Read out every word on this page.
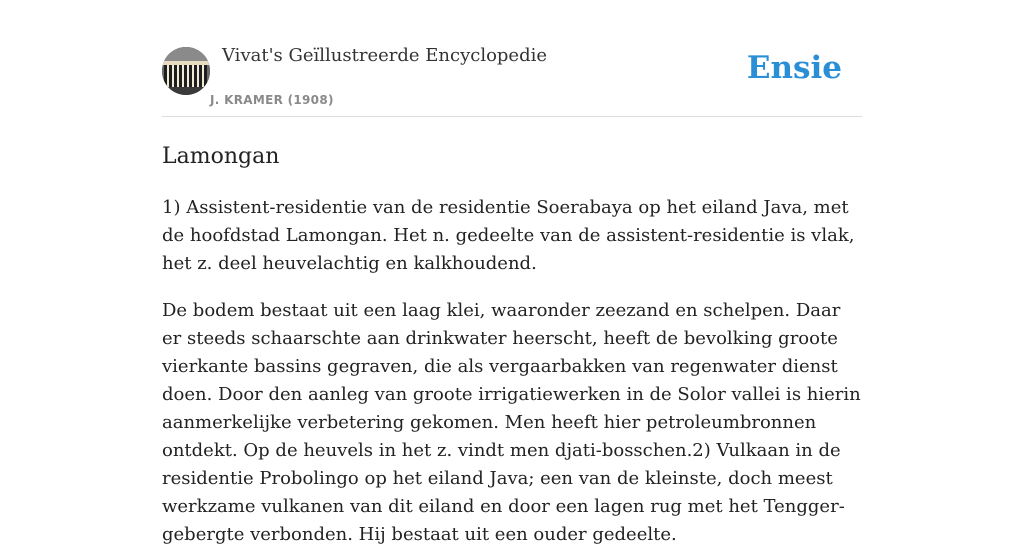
Vivat's Geïllustreerde Encyclopedie
J. KRAMER (1908)
Ensie
Lamongan

1) Assistent-residentie van de residentie Soerabaya op het eiland Java, met de hoofdstad Lamongan. Het n. gedeelte van de assistent-residentie is vlak, het z. deel heuvelachtig en kalkhoudend.

De bodem bestaat uit een laag klei, waaronder zeezand en schelpen. Daar er steeds schaarschte aan drinkwater heerscht, heeft de bevolking groote vierkante bassins gegraven, die als vergaarbakken van regenwater dienst doen. Door den aanleg van groote irrigatiewerken in de Solor vallei is hierin aanmerkelijke verbetering gekomen. Men heeft hier petroleumbronnen ontdekt. Op de heuvels in het z. vindt men djati-bosschen.2) Vulkaan in de residentie Probolingo op het eiland Java; een van de kleinste, doch meest werkzame vulkanen van dit eiland en door een lagen rug met het Tengger-gebergte verbonden. Hij bestaat uit een ouder gedeelte.
